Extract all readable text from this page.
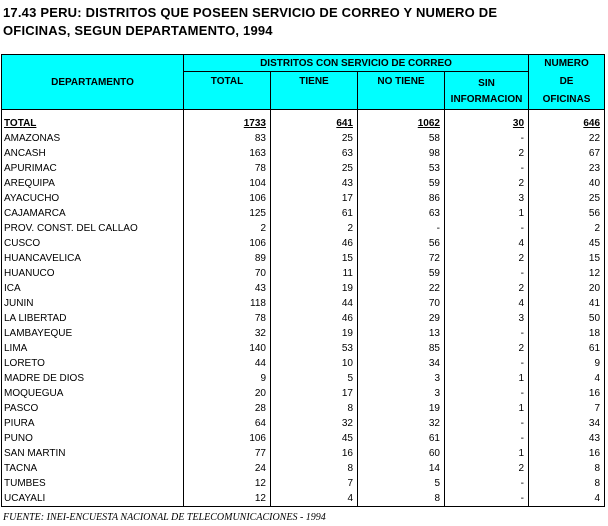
17.43 PERU: DISTRITOS QUE POSEEN SERVICIO DE CORREO Y NUMERO DE
OFICINAS, SEGUN DEPARTAMENTO, 1994
DEPARTAMENTO	DISTRITOS CON SERVICIO DE CORREO				NUMERO
DE
OFICINAS

	TOTAL	TIENE	NO TIENE	SIN
INFORMACION	

TOTAL	1733	641	1062	30	646
AMAZONAS	83	25	58	-	22
ANCASH	163	63	98	2	67
APURIMAC	78	25	53	-	23
AREQUIPA	104	43	59	2	40
AYACUCHO	106	17	86	3	25
CAJAMARCA	125	61	63	1	56
PROV. CONST. DEL CALLAO	2	2	-	-	2
CUSCO	106	46	56	4	45
HUANCAVELICA	89	15	72	2	15
HUANUCO	70	11	59	-	12
ICA	43	19	22	2	20
JUNIN	118	44	70	4	41
LA LIBERTAD	78	46	29	3	50
LAMBAYEQUE	32	19	13	-	18
LIMA	140	53	85	2	61
LORETO	44	10	34	-	9
MADRE DE DIOS	9	5	3	1	4
MOQUEGUA	20	17	3	-	16
PASCO	28	8	19	1	7
PIURA	64	32	32	-	34
PUNO	106	45	61	-	43
SAN MARTIN	77	16	60	1	16
TACNA	24	8	14	2	8
TUMBES	12	7	5	-	8
UCAYALI	12	4	8	-	4
FUENTE: INEI-ENCUESTA NACIONAL DE TELECOMUNICACIONES - 1994
